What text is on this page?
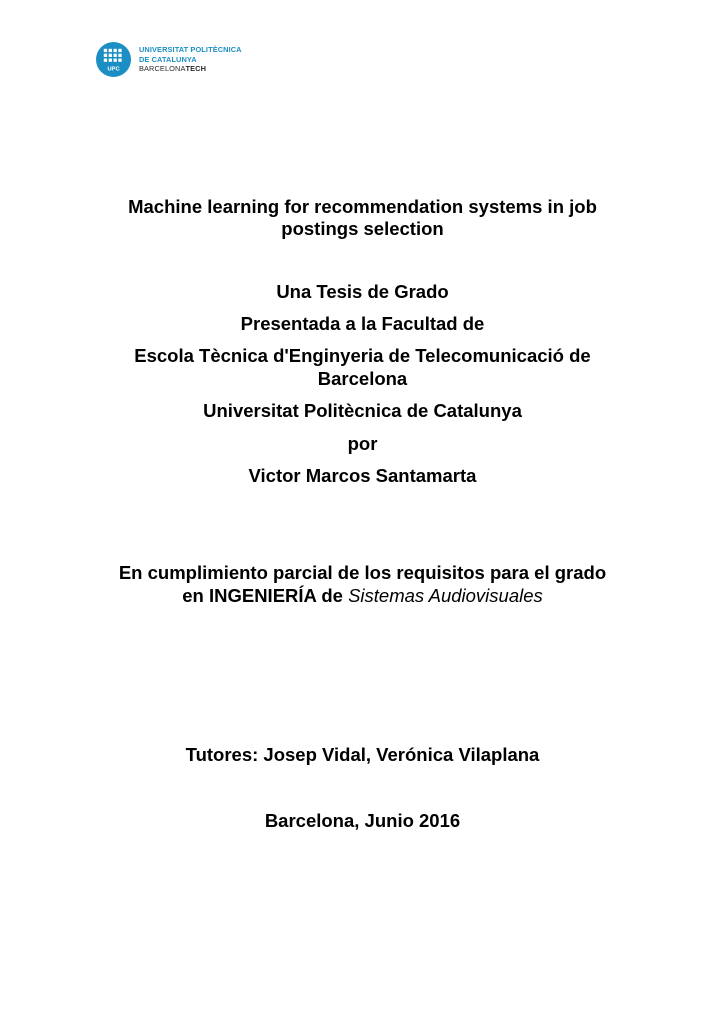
UPC
UNIVERSITAT POLITÈCNICA
DE CATALUNYA
BARCELONATECH
Machine learning for recommendation systems in job
postings selection
Una Tesis de Grado
Presentada a la Facultad de
Escola Tècnica d'Enginyeria de Telecomunicació de
Barcelona
Universitat Politècnica de Catalunya
por
Victor Marcos Santamarta
En cumplimiento parcial de los requisitos para el grado
en INGENIERÍA de Sistemas Audiovisuales
Tutores: Josep Vidal, Verónica Vilaplana
Barcelona, Junio 2016
